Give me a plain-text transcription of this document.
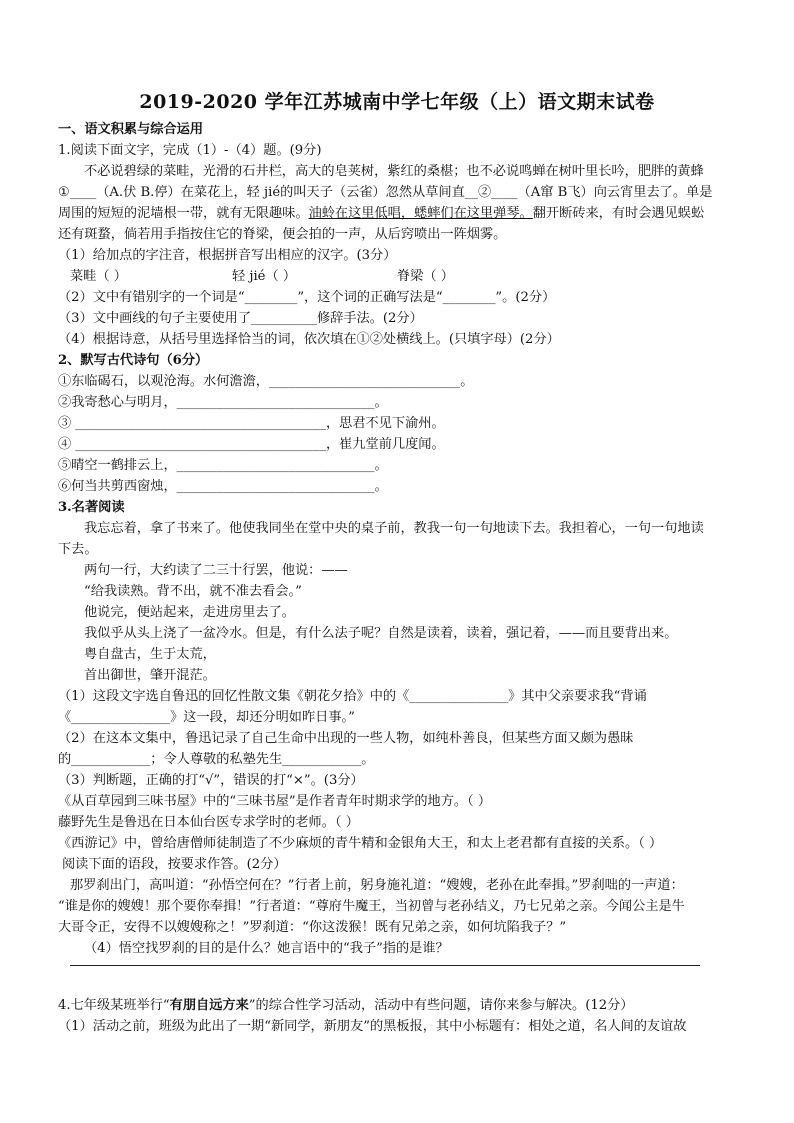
2019-2020 学年江苏城南中学七年级（上）语文期末试卷
一、语文积累与综合运用
1.阅读下面文字，完成（1）-（4）题。(9分)
不必说碧绿的菜畦，光滑的石井栏，高大的皂荚树，紫红的桑椹；也不必说鸣蝉在树叶里长吟，肥胖的黄蜂
①____（A.伏 B.停）在菜花上，轻 jié的叫天子（云雀）忽然从草间直__②____（A窜 B飞）向云宵里去了。单是
周围的短短的泥墙根一带，就有无限趣味。油蛉在这里低唱，蟋蟀们在这里弹琴。翻开断砖来，有时会遇见蜈蚣
还有斑蝥，倘若用手指按住它的脊梁，便会拍的一声，从后窍喷出一阵烟雾。
（1）给加点的字注音，根据拼音写出相应的汉字。(3分）
菜畦（ ）	轻 jié（ ）	脊梁（ ）
（2）文中有错别字的一个词是“________”，这个词的正确写法是“________”。(2分）
（3）文中画线的句子主要使用了__________修辞手法。(2分）
（4）根据诗意，从括号里选择恰当的词，依次填在①②处横线上。(只填字母）(2分）
2、默写古代诗句（6分）
①东临碣石，以观沧海。水何澹澹，_____________________________。
②我寄愁心与明月，______________________________。
③ ______________________________________，思君不见下渝州。
④ ______________________________________，崔九堂前几度闻。
⑤晴空一鹤排云上，______________________________。
⑥何当共剪西窗烛，______________________________。
3.名著阅读
我忘忘着，拿了书来了。他使我同坐在堂中央的桌子前，教我一句一句地读下去。我担着心，一句一句地读
下去。
两句一行，大约读了二三十行罢，他说：——
“给我读熟。背不出，就不准去看会。”
他说完，便站起来，走进房里去了。
我似乎从头上浇了一盆冷水。但是，有什么法子呢？自然是读着，读着，强记着，——而且要背出来。
粤自盘古，生于太荒，
首出御世，肇开混茫。
（1）这段文字选自鲁迅的回忆性散文集《朝花夕拾》中的《_______________》其中父亲要求我“背诵
《_______________》这一段，却还分明如昨日事。”
（2）在这本文集中，鲁迅记录了自己生命中出现的一些人物，如纯朴善良，但某些方面又颇为愚昧
的____________；令人尊敬的私塾先生____________。
（3）判断题，正确的打“√”，错误的打“×”。(3分）
《从百草园到三味书屋》中的“三味书屋”是作者青年时期求学的地方。（ ）
藤野先生是鲁迅在日本仙台医专求学时的老师。（ ）
《西游记》中，曾给唐僧师徒制造了不少麻烦的青牛精和金银角大王，和太上老君都有直接的关系。（ ）
阅读下面的语段，按要求作答。(2分）
那罗刹出门，高叫道：“孙悟空何在？”行者上前，躬身施礼道：“嫂嫂，老孙在此奉揖。”罗刹咄的一声道：
“谁是你的嫂嫂！那个要你奉揖！”行者道：“尊府牛魔王，当初曾与老孙结义，乃七兄弟之亲。今闻公主是牛
大哥令正，安得不以嫂嫂称之！”罗刹道：“你这泼猴！既有兄弟之亲，如何坑陷我子？”
（4）悟空找罗刹的目的是什么？她言语中的“我子”指的是谁？
4.七年级某班举行“有朋自远方来”的综合性学习活动，活动中有些问题，请你来参与解决。(12分）
（1）活动之前，班级为此出了一期“新同学，新朋友”的黑板报，其中小标题有：相处之道，名人间的友谊故
